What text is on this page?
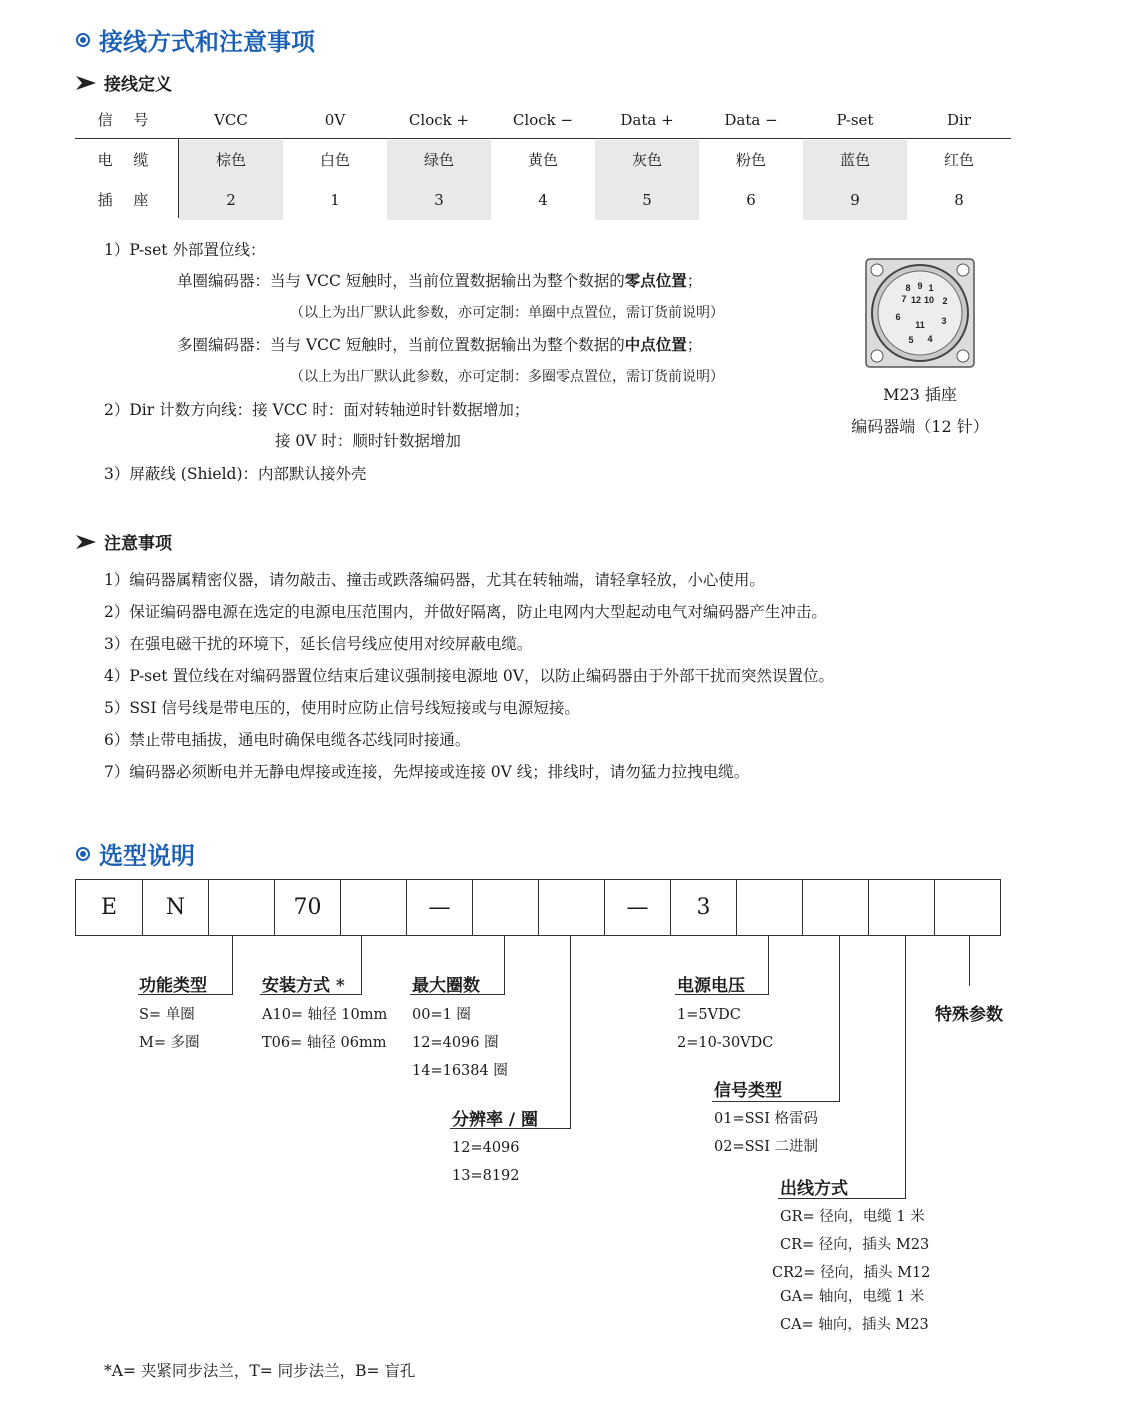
接线方式和注意事项
接线定义
信 号	VCC	0V	Clock +	Clock −	Data +	Data −	P-set	Dir
电 缆	棕色	白色	绿色	黄色	灰色	粉色	蓝色	红色
插 座	2	1	3	4	5	6	9	8
1）P-set 外部置位线：
单圈编码器：当与 VCC 短触时，当前位置数据输出为整个数据的零点位置；
（以上为出厂默认此参数，亦可定制：单圈中点置位，需订货前说明）
多圈编码器：当与 VCC 短触时，当前位置数据输出为整个数据的中点位置；
（以上为出厂默认此参数，亦可定制：多圈零点置位，需订货前说明）
2）Dir 计数方向线：接 VCC 时：面对转轴逆时针数据增加；
接 0V 时：顺时针数据增加
3）屏蔽线 (Shield)：内部默认接外壳
8 9 1
7 12 10 2
6
11 3
5 4
M23 插座
编码器端（12 针）
注意事项
1）编码器属精密仪器，请勿敲击、撞击或跌落编码器，尤其在转轴端，请轻拿轻放，小心使用。
2）保证编码器电源在选定的电源电压范围内，并做好隔离，防止电网内大型起动电气对编码器产生冲击。
3）在强电磁干扰的环境下，延长信号线应使用对绞屏蔽电缆。
4）P-set 置位线在对编码器置位结束后建议强制接电源地 0V，以防止编码器由于外部干扰而突然误置位。
5）SSI 信号线是带电压的，使用时应防止信号线短接或与电源短接。
6）禁止带电插拔，通电时确保电缆各芯线同时接通。
7）编码器必须断电并无静电焊接或连接，先焊接或连接 0V 线；排线时，请勿猛力拉拽电缆。
选型说明
E	N	70	—	—	3
功能类型
S= 单圈
M= 多圈
安装方式 *
A10= 轴径 10mm
T06= 轴径 06mm
最大圈数
00=1 圈
12=4096 圈
14=16384 圈
分辨率 / 圈
12=4096
13=8192
电源电压
1=5VDC
2=10-30VDC
信号类型
01=SSI 格雷码
02=SSI 二进制
出线方式
GR= 径向，电缆 1 米
CR= 径向，插头 M23
CR2= 径向，插头 M12
GA= 轴向，电缆 1 米
CA= 轴向，插头 M23
特殊参数
*A= 夹紧同步法兰，T= 同步法兰，B= 盲孔
